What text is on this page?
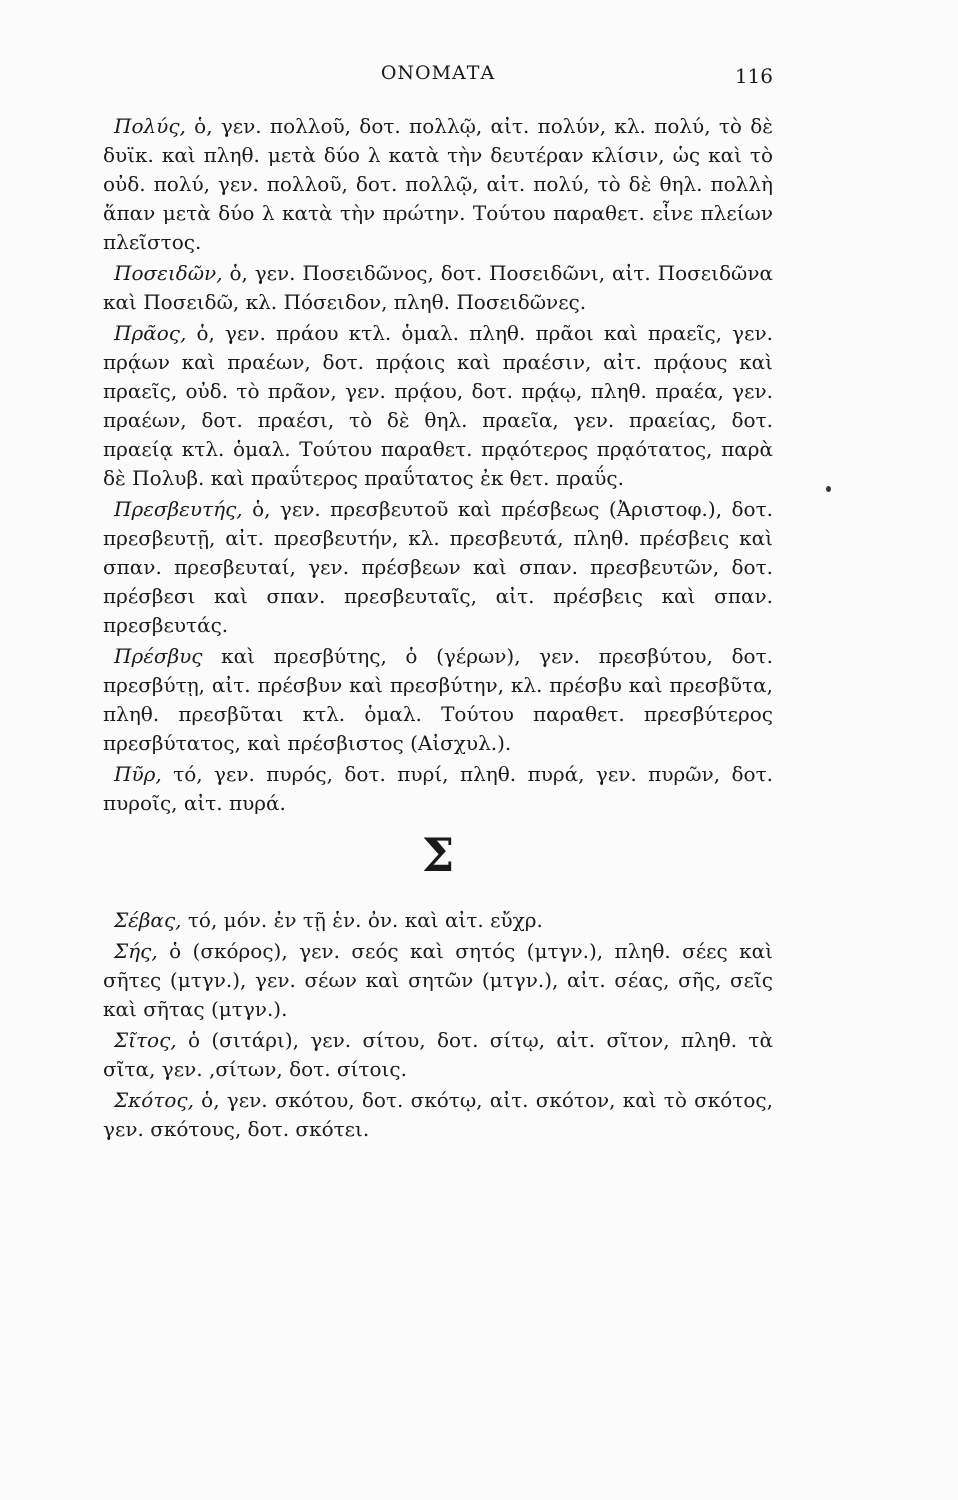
ΟΝΟΜΑΤΑ	116

Πολύς, ὁ, γεν. πολλοῦ, δοτ. πολλῷ, αἰτ. πολύν, κλ. πολύ, τὸ δὲ δυϊκ. καὶ πληθ. μετὰ δύο λ κατὰ τὴν δευτέραν κλίσιν, ὡς καὶ τὸ οὐδ. πολύ, γεν. πολλοῦ, δοτ. πολλῷ, αἰτ. πολύ, τὸ δὲ θηλ. πολλὴ ἅπαν μετὰ δύο λ κατὰ τὴν πρώτην. Τούτου παραθετ. εἶνε πλείων πλεῖστος.

Ποσειδῶν, ὁ, γεν. Ποσειδῶνος, δοτ. Ποσειδῶνι, αἰτ. Ποσειδῶνα καὶ Ποσειδῶ, κλ. Πόσειδον, πληθ. Ποσειδῶνες.

Πρᾶος, ὁ, γεν. πράου κτλ. ὁμαλ. πληθ. πρᾶοι καὶ πραεῖς, γεν. πρᾴων καὶ πραέων, δοτ. πρᾴοις καὶ πραέσιν, αἰτ. πρᾴους καὶ πραεῖς, οὐδ. τὸ πρᾶον, γεν. πρᾴου, δοτ. πρᾴῳ, πληθ. πραέα, γεν. πραέων, δοτ. πραέσι, τὸ δὲ θηλ. πραεῖα, γεν. πραείας, δοτ. πραείᾳ κτλ. ὁμαλ. Τούτου παραθετ. πρᾳότερος πρᾳότατος, παρὰ δὲ Πολυβ. καὶ πραΰτερος πραΰτατος ἐκ θετ. πραΰς.

Πρεσβευτής, ὁ, γεν. πρεσβευτοῦ καὶ πρέσβεως (Ἀριστοφ.), δοτ. πρεσβευτῇ, αἰτ. πρεσβευτήν, κλ. πρεσβευτά, πληθ. πρέσβεις καὶ σπαν. πρεσβευταί, γεν. πρέσβεων καὶ σπαν. πρεσβευτῶν, δοτ. πρέσβεσι καὶ σπαν. πρεσβευταῖς, αἰτ. πρέσβεις καὶ σπαν. πρεσβευτάς.

Πρέσβυς καὶ πρεσβύτης, ὁ (γέρων), γεν. πρεσβύτου, δοτ. πρεσβύτῃ, αἰτ. πρέσβυν καὶ πρεσβύτην, κλ. πρέσβυ καὶ πρεσβῦτα, πληθ. πρεσβῦται κτλ. ὁμαλ. Τούτου παραθετ. πρεσβύτερος πρεσβύτατος, καὶ πρέσβιστος (Αἰσχυλ.).

Πῦρ, τό, γεν. πυρός, δοτ. πυρί, πληθ. πυρά, γεν. πυρῶν, δοτ. πυροῖς, αἰτ. πυρά.

Σ

Σέβας, τό, μόν. ἐν τῇ ἑν. ὀν. καὶ αἰτ. εὔχρ.

Σής, ὁ (σκόρος), γεν. σεός καὶ σητός (μτγν.), πληθ. σέες καὶ σῆτες (μτγν.), γεν. σέων καὶ σητῶν (μτγν.), αἰτ. σέας, σῆς, σεῖς καὶ σῆτας (μτγν.).

Σῖτος, ὁ (σιτάρι), γεν. σίτου, δοτ. σίτῳ, αἰτ. σῖτον, πληθ. τὰ σῖτα, γεν. ,σίτων, δοτ. σίτοις.

Σκότος, ὁ, γεν. σκότου, δοτ. σκότῳ, αἰτ. σκότον, καὶ τὸ σκότος, γεν. σκότους, δοτ. σκότει.
